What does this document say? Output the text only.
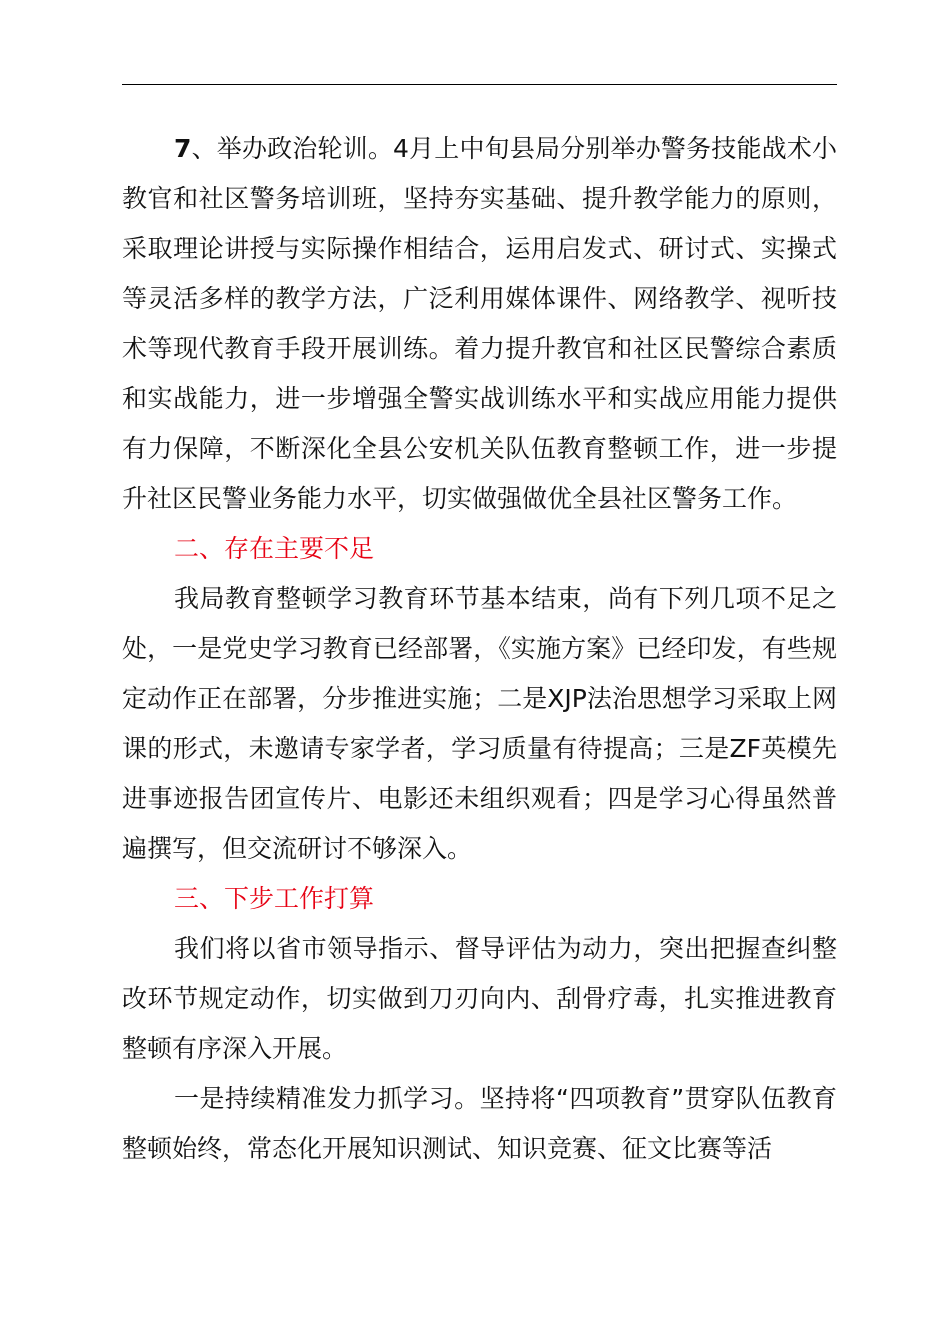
7、举办政治轮训。4月上中旬县局分别举办警务技能战术小教官和社区警务培训班，坚持夯实基础、提升教学能力的原则，采取理论讲授与实际操作相结合，运用启发式、研讨式、实操式等灵活多样的教学方法，广泛利用媒体课件、网络教学、视听技术等现代教育手段开展训练。着力提升教官和社区民警综合素质和实战能力，进一步增强全警实战训练水平和实战应用能力提供有力保障，不断深化全县公安机关队伍教育整顿工作，进一步提升社区民警业务能力水平，切实做强做优全县社区警务工作。

二、存在主要不足

我局教育整顿学习教育环节基本结束，尚有下列几项不足之处，一是党史学习教育已经部署，《实施方案》已经印发，有些规定动作正在部署，分步推进实施；二是XJP法治思想学习采取上网课的形式，未邀请专家学者，学习质量有待提高；三是ZF英模先进事迹报告团宣传片、电影还未组织观看；四是学习心得虽然普遍撰写，但交流研讨不够深入。

三、下步工作打算

我们将以省市领导指示、督导评估为动力，突出把握查纠整改环节规定动作，切实做到刀刃向内、刮骨疗毒，扎实推进教育整顿有序深入开展。

一是持续精准发力抓学习。坚持将“四项教育”贯穿队伍教育整顿始终，常态化开展知识测试、知识竞赛、征文比赛等活
